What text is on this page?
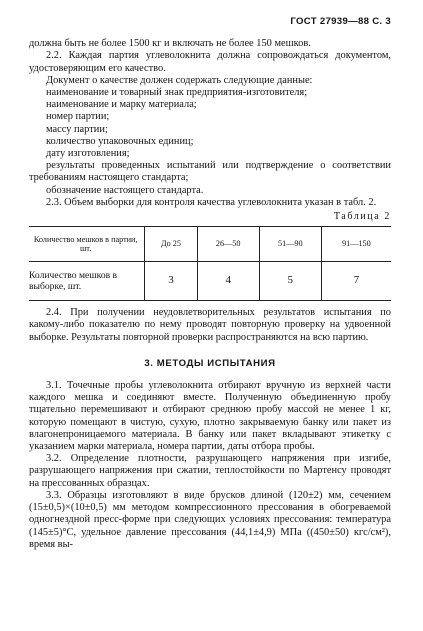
ГОСТ 27939—88 С. 3

должна быть не более 1500 кг и включать не более 150 мешков.

2.2. Каждая партия углеволокнита должна сопровождаться документом, удостоверяющим его качество.

Документ о качестве должен содержать следующие данные:

наименование и товарный знак предприятия-изготовителя;

наименование и марку материала;

номер партии;

массу партии;

количество упаковочных единиц;

дату изготовления;

результаты проведенных испытаний или подтверждение о соответствии требованиям настоящего стандарта;

обозначение настоящего стандарта.

2.3. Объем выборки для контроля качества углеволокнита указан в табл. 2.

Таблица 2
Количество мешков в партии, шт.	До 25	26—50	51—90	91—150
Количество мешков в выборке, шт.	3	4	5	7

2.4. При получении неудовлетворительных результатов испытания по какому-либо показателю по нему проводят повторную проверку на удвоенной выборке. Результаты повторной проверки распространяются на всю партию.

3. МЕТОДЫ ИСПЫТАНИЯ

3.1. Точечные пробы углеволокнита отбирают вручную из верхней части каждого мешка и соединяют вместе. Полученную объединенную пробу тщательно перемешивают и отбирают среднюю пробу массой не менее 1 кг, которую помещают в чистую, сухую, плотно закрываемую банку или пакет из влагонепроницаемого материала. В банку или пакет вкладывают этикетку с указанием марки материала, номера партии, даты отбора пробы.

3.2. Определение плотности, разрушающего напряжения при изгибе, разрушающего напряжения при сжатии, теплостойкости по Мартенсу проводят на прессованных образцах.

3.3. Образцы изготовляют в виде брусков длиной (120±2) мм, сечением (15±0,5)×(10±0,5) мм методом компрессионного прессования в обогреваемой одногнездной пресс-форме при следующих условиях прессования: температура (145±5)°С, удельное давление прессования (44,1±4,9) МПа ((450±50) кгс/см²), время вы-
